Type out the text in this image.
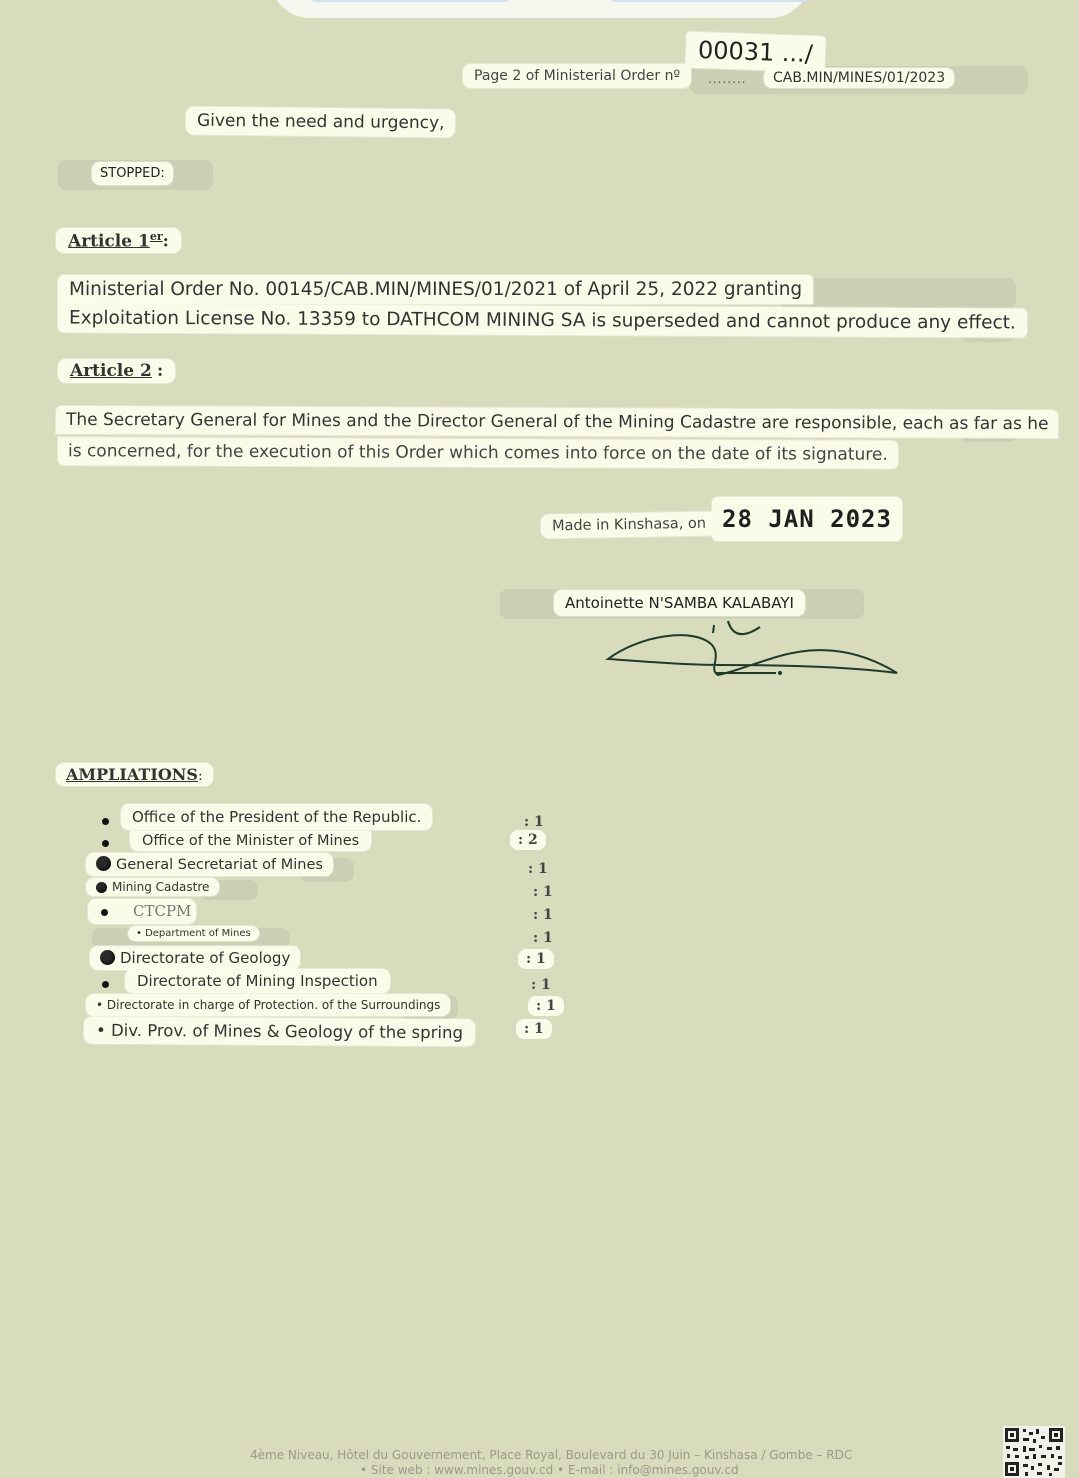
Page 2 of Ministerial Order nº
00031 .../
........	CAB.MIN/MINES/01/2023
Given the need and urgency,
STOPPED:
Article 1er:
Ministerial Order No. 00145/CAB.MIN/MINES/01/2021 of April 25, 2022 granting
Exploitation License No. 13359 to DATHCOM MINING SA is superseded and cannot produce any effect.
Article 2 :
The Secretary General for Mines and the Director General of the Mining Cadastre are responsible, each as far as he
is concerned, for the execution of this Order which comes into force on the date of its signature.
Made in Kinshasa, on 28 JAN 2023
Antoinette N'SAMBA KALABAYI
AMPLIATIONS:
Office of the President of the Republic.	: 1
Office of the Minister of Mines	: 2
General Secretariat of Mines	: 1
Mining Cadastre	: 1
CTCPM	: 1
• Department of Mines	: 1
Directorate of Geology	: 1
Directorate of Mining Inspection	: 1
• Directorate in charge of Protection. of the Surroundings	: 1
• Div. Prov. of Mines & Geology of the spring	: 1
4ème Niveau, Hôtel du Gouvernement, Place Royal, Boulevard du 30 Juin – Kinshasa / Gombe – RDC
• Site web : www.mines.gouv.cd • E-mail : info@mines.gouv.cd
